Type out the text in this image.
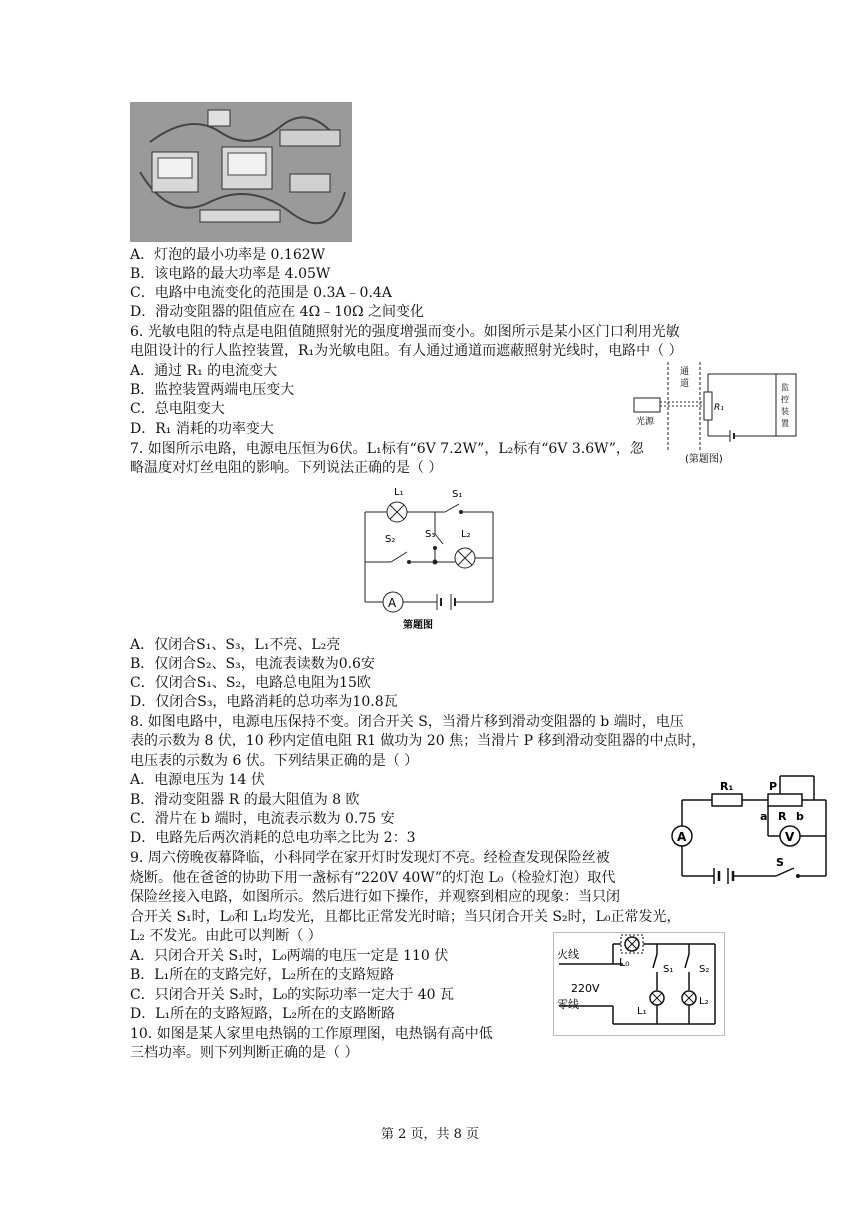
A．灯泡的最小功率是 0.162W
B．该电路的最大功率是 4.05W
C．电路中电流变化的范围是 0.3A﹣0.4A
D．滑动变阻器的阻值应在 4Ω﹣10Ω 之间变化
6. 光敏电阻的特点是电阻值随照射光的强度增强而变小。如图所示是某小区门口利用光敏
电阻设计的行人监控装置，R₁为光敏电阻。有人通过通道而遮蔽照射光线时，电路中（ ）
A．通过 R₁ 的电流变大
B．监控装置两端电压变大
C．总电阻变大
D．R₁ 消耗的功率变大
通
道
光源
R₁
监
控
装
置
(第题图)
7. 如图所示电路，电源电压恒为6伏。L₁标有“6V 7.2W”，L₂标有“6V 3.6W”，忽
略温度对灯丝电阻的影响。下列说法正确的是（ ）
L₁	S₁
S₂	S₃	L₂
A
第题图
A．仅闭合S₁、S₃，L₁不亮、L₂亮
B．仅闭合S₂、S₃，电流表读数为0.6安
C．仅闭合S₁、S₂，电路总电阻为15欧
D．仅闭合S₃，电路消耗的总功率为10.8瓦
8. 如图电路中，电源电压保持不变。闭合开关 S，当滑片移到滑动变阻器的 b 端时，电压
表的示数为 8 伏，10 秒内定值电阻 R1 做功为 20 焦；当滑片 P 移到滑动变阻器的中点时，
电压表的示数为 6 伏。下列结果正确的是（ ）
A．电源电压为 14 伏
B．滑动变阻器 R 的最大阻值为 8 欧
C．滑片在 b 端时，电流表示数为 0.75 安
D．电路先后两次消耗的总电功率之比为 2：3
R₁	P
a R b
V
A
S
9. 周六傍晚夜幕降临，小科同学在家开灯时发现灯不亮。经检查发现保险丝被
烧断。他在爸爸的协助下用一盏标有“220V 40W”的灯泡 L₀（检验灯泡）取代
保险丝接入电路，如图所示。然后进行如下操作，并观察到相应的现象：当只闭
合开关 S₁时，L₀和 L₁均发光，且都比正常发光时暗；当只闭合开关 S₂时，L₀正常发光，
L₂ 不发光。由此可以判断（ ）
A．只闭合开关 S₁时，L₀两端的电压一定是 110 伏
B．L₁所在的支路完好，L₂所在的支路短路
C．只闭合开关 S₂时，L₀的实际功率一定大于 40 瓦
D．L₁所在的支路短路，L₂所在的支路断路
火线
220V
零线
L₀
S₁
L₁
S₂
L₂
10. 如图是某人家里电热锅的工作原理图，电热锅有高中低
三档功率。则下列判断正确的是（ ）
第 2 页，共 8 页
